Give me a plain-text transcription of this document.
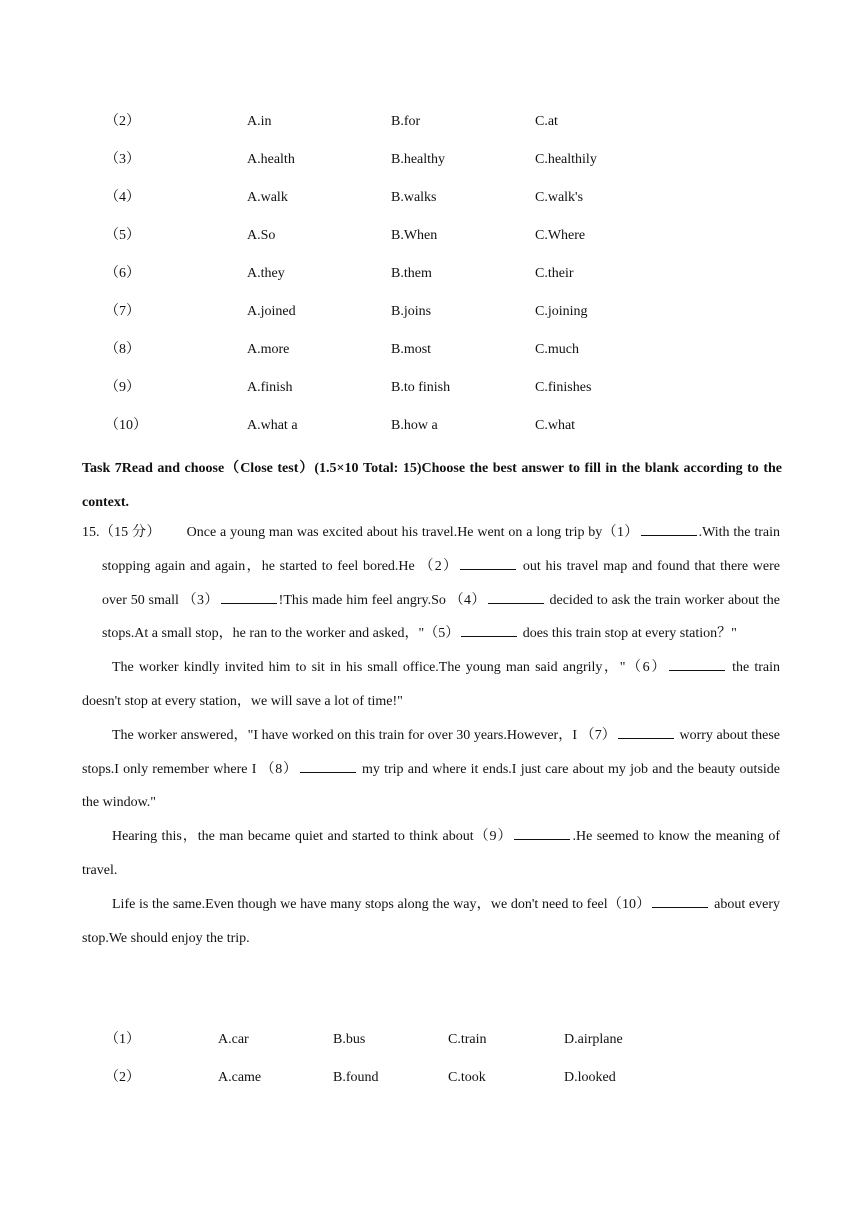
（2）	A.in	B.for	C.at
（3）	A.health	B.healthy	C.healthily
（4）	A.walk	B.walks	C.walk's
（5）	A.So	B.When	C.Where
（6）	A.they	B.them	C.their
（7）	A.joined	B.joins	C.joining
（8）	A.more	B.most	C.much
（9）	A.finish	B.to finish	C.finishes
（10）	A.what a	B.how a	C.what
Task 7Read and choose（Close test）(1.5×10 Total: 15)Choose the best answer to fill in the blank according to the context.

15.（15 分） Once a young man was excited about his travel.He went on a long trip by（1）	.With the train stopping again and again，he started to feel bored.He （2）	out his travel map and found that there were over 50 small （3）	!This made him feel angry.So （4）	decided to ask the train worker about the stops.At a small stop，he ran to the worker and asked，"（5）	does this train stop at every station？"

The worker kindly invited him to sit in his small office.The young man said angrily，"（6）	the train doesn't stop at every station，we will save a lot of time!"

The worker answered，"I have worked on this train for over 30 years.However，I （7）	worry about these stops.I only remember where I （8）	my trip and where it ends.I just care about my job and the beauty outside the window."

Hearing this，the man became quiet and started to think about（9）	.He seemed to know the meaning of travel.

Life is the same.Even though we have many stops along the way，we don't need to feel（10）	about every stop.We should enjoy the trip.

（1）	A.car	B.bus	C.train	D.airplane
（2）	A.came	B.found	C.took	D.looked
